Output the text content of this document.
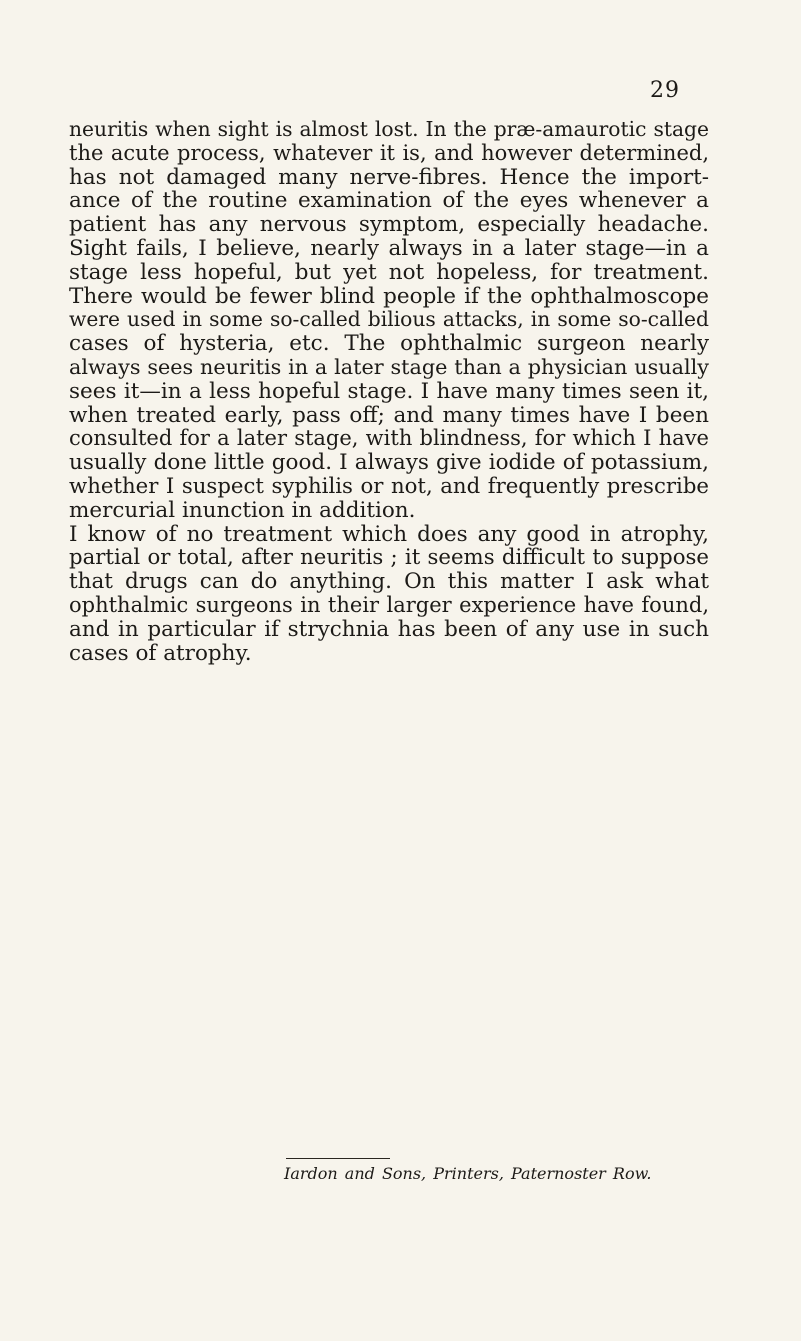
29
neuritis when sight is almost lost. In the præ-amaurotic stage
the acute process, whatever it is, and however determined,
has not damaged many nerve-fibres. Hence the import-
ance of the routine examination of the eyes whenever a
patient has any nervous symptom, especially headache.
Sight fails, I believe, nearly always in a later stage—in a
stage less hopeful, but yet not hopeless, for treatment.
There would be fewer blind people if the ophthalmoscope
were used in some so-called bilious attacks, in some so-called
cases of hysteria, etc. The ophthalmic surgeon nearly
always sees neuritis in a later stage than a physician usually
sees it—in a less hopeful stage. I have many times seen it,
when treated early, pass off; and many times have I been
consulted for a later stage, with blindness, for which I have
usually done little good. I always give iodide of potassium,
whether I suspect syphilis or not, and frequently prescribe
mercurial inunction in addition.
I know of no treatment which does any good in atrophy,
partial or total, after neuritis ; it seems difficult to suppose
that drugs can do anything. On this matter I ask what
ophthalmic surgeons in their larger experience have found,
and in particular if strychnia has been of any use in such
cases of atrophy.
Iardon and Sons, Printers, Paternoster Row.
